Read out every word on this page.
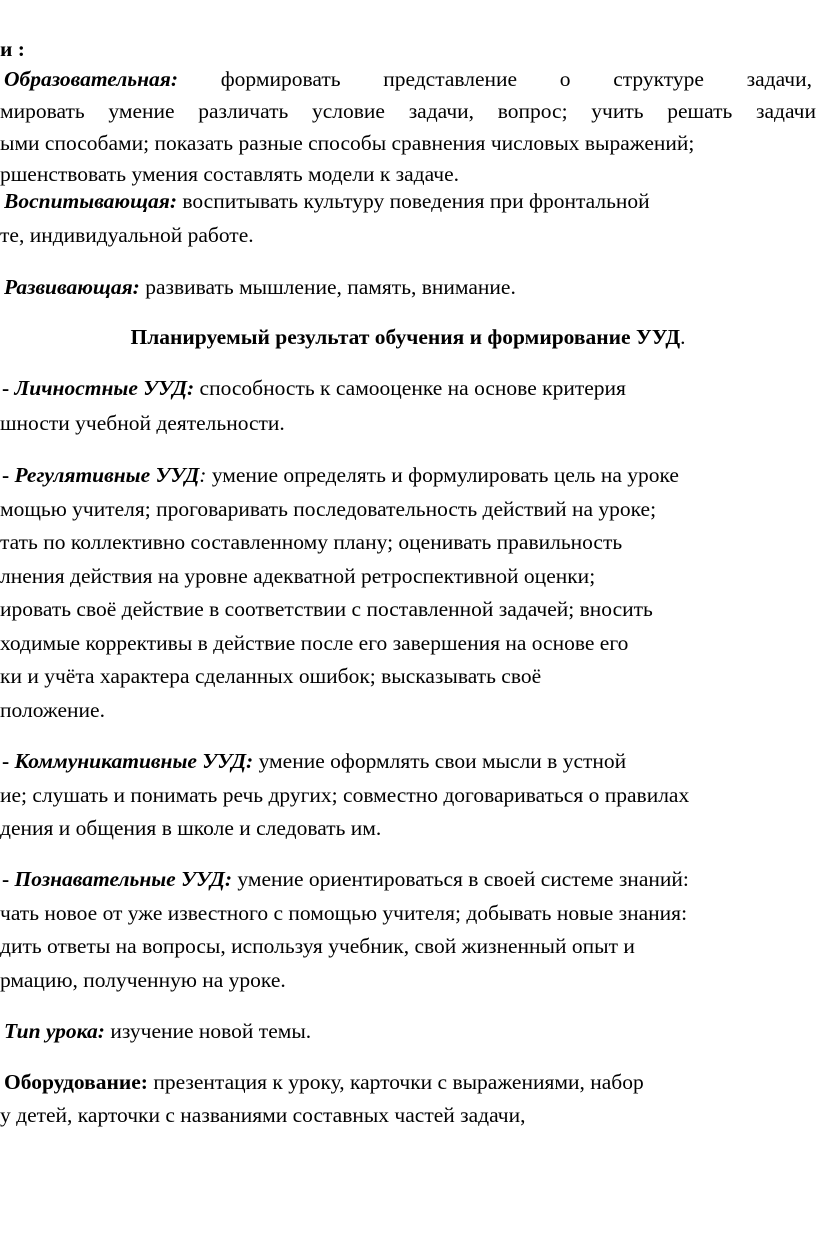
и :
Образовательная: формировать представление о структуре задачи,
мировать умение различать условие задачи, вопрос; учить решать задачи
ыми способами; показать разные способы сравнения числовых выражений;
ршенствовать умения составлять модели к задаче.
Воспитывающая: воспитывать культуру поведения при фронтальной
те, индивидуальной работе.
Развивающая: развивать мышление, память, внимание.
Планируемый результат обучения и формирование УУД.
- Личностные УУД: способность к самооценке на основе критерия
шности учебной деятельности.
- Регулятивные УУД: умение определять и формулировать цель на уроке
мощью учителя; проговаривать последовательность действий на уроке;
тать по коллективно составленному плану; оценивать правильность
лнения действия на уровне адекватной ретроспективной оценки;
ировать своё действие в соответствии с поставленной задачей; вносить
ходимые коррективы в действие после его завершения на основе его
ки и учёта характера сделанных ошибок; высказывать своё
положение.
- Коммуникативные УУД: умение оформлять свои мысли в устной
ие; слушать и понимать речь других; совместно договариваться о правилах
дения и общения в школе и следовать им.
- Познавательные УУД: умение ориентироваться в своей системе знаний:
чать новое от уже известного с помощью учителя; добывать новые знания:
дить ответы на вопросы, используя учебник, свой жизненный опыт и
рмацию, полученную на уроке.
Тип урока: изучение новой темы.
Оборудование: презентация к уроку, карточки с выражениями, набор
у детей, карточки с названиями составных частей задачи,
